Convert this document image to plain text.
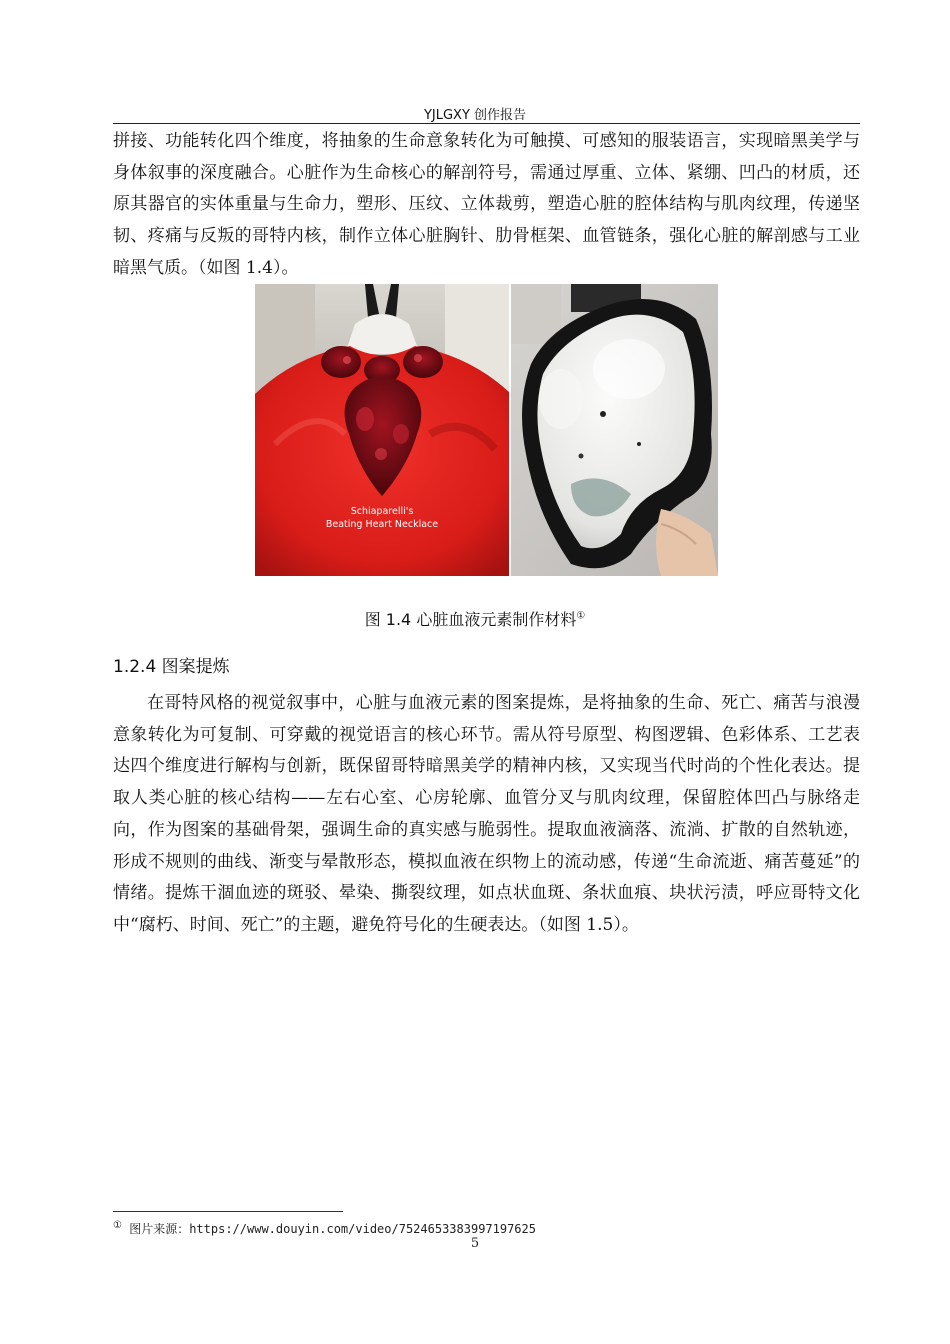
YJLGXY 创作报告

拼接、功能转化四个维度，将抽象的生命意象转化为可触摸、可感知的服装语言，实现暗黑美学与身体叙事的深度融合。心脏作为生命核心的解剖符号，需通过厚重、立体、紧绷、凹凸的材质，还原其器官的实体重量与生命力，塑形、压纹、立体裁剪，塑造心脏的腔体结构与肌肉纹理，传递坚韧、疼痛与反叛的哥特内核，制作立体心脏胸针、肋骨框架、血管链条，强化心脏的解剖感与工业暗黑气质。（如图 1.4）。

Schiaparelli's
Beating Heart Necklace
图 1.4 心脏血液元素制作材料①
1.2.4 图案提炼

在哥特风格的视觉叙事中，心脏与血液元素的图案提炼，是将抽象的生命、死亡、痛苦与浪漫意象转化为可复制、可穿戴的视觉语言的核心环节。需从符号原型、构图逻辑、色彩体系、工艺表达四个维度进行解构与创新，既保留哥特暗黑美学的精神内核，又实现当代时尚的个性化表达。提取人类心脏的核心结构——左右心室、心房轮廓、血管分叉与肌肉纹理，保留腔体凹凸与脉络走向，作为图案的基础骨架，强调生命的真实感与脆弱性。提取血液滴落、流淌、扩散的自然轨迹，形成不规则的曲线、渐变与晕散形态，模拟血液在织物上的流动感，传递“生命流逝、痛苦蔓延”的情绪。提炼干涸血迹的斑驳、晕染、撕裂纹理，如点状血斑、条状血痕、块状污渍，呼应哥特文化中“腐朽、时间、死亡”的主题，避免符号化的生硬表达。（如图 1.5）。

① 图片来源：https://www.douyin.com/video/7524653383997197625
5
